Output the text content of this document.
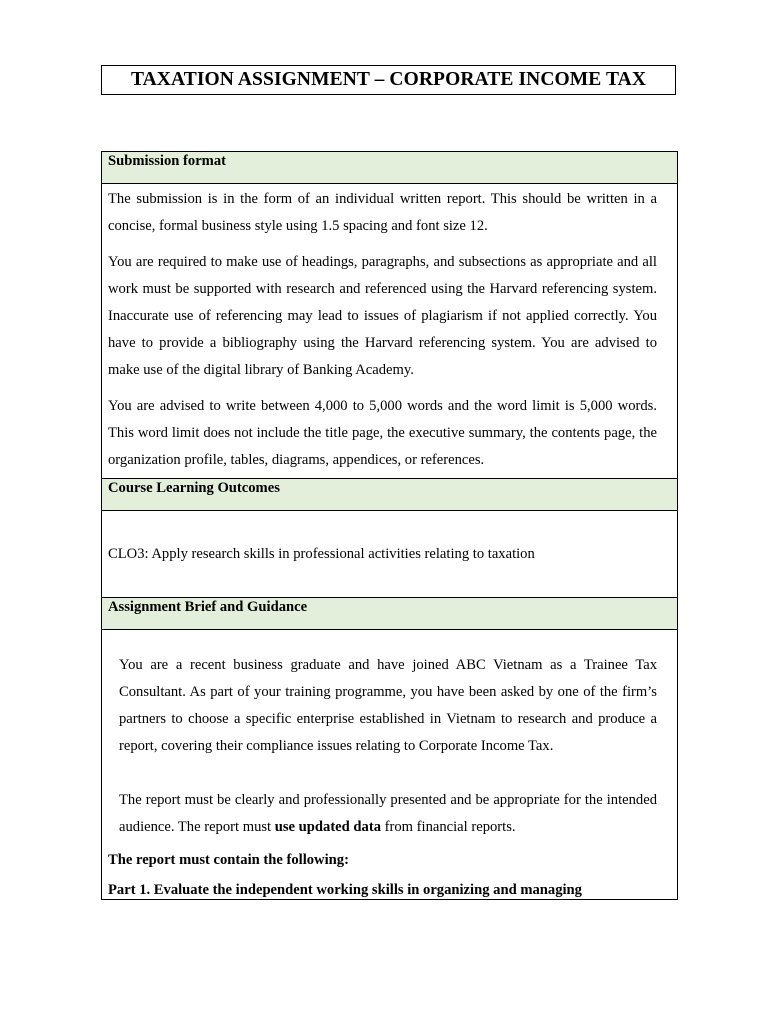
TAXATION ASSIGNMENT – CORPORATE INCOME TAX
Submission format

The submission is in the form of an individual written report. This should be written in a concise, formal business style using 1.5 spacing and font size 12.

You are required to make use of headings, paragraphs, and subsections as appropriate and all work must be supported with research and referenced using the Harvard referencing system. Inaccurate use of referencing may lead to issues of plagiarism if not applied correctly. You have to provide a bibliography using the Harvard referencing system. You are advised to make use of the digital library of Banking Academy.

You are advised to write between 4,000 to 5,000 words and the word limit is 5,000 words. This word limit does not include the title page, the executive summary, the contents page, the organization profile, tables, diagrams, appendices, or references.

Course Learning Outcomes
CLO3: Apply research skills in professional activities relating to taxation
Assignment Brief and Guidance

You are a recent business graduate and have joined ABC Vietnam as a Trainee Tax Consultant. As part of your training programme, you have been asked by one of the firm’s partners to choose a specific enterprise established in Vietnam to research and produce a report, covering their compliance issues relating to Corporate Income Tax.

The report must be clearly and professionally presented and be appropriate for the intended audience. The report must use updated data from financial reports.

The report must contain the following:

Part 1. Evaluate the independent working skills in organizing and managing
